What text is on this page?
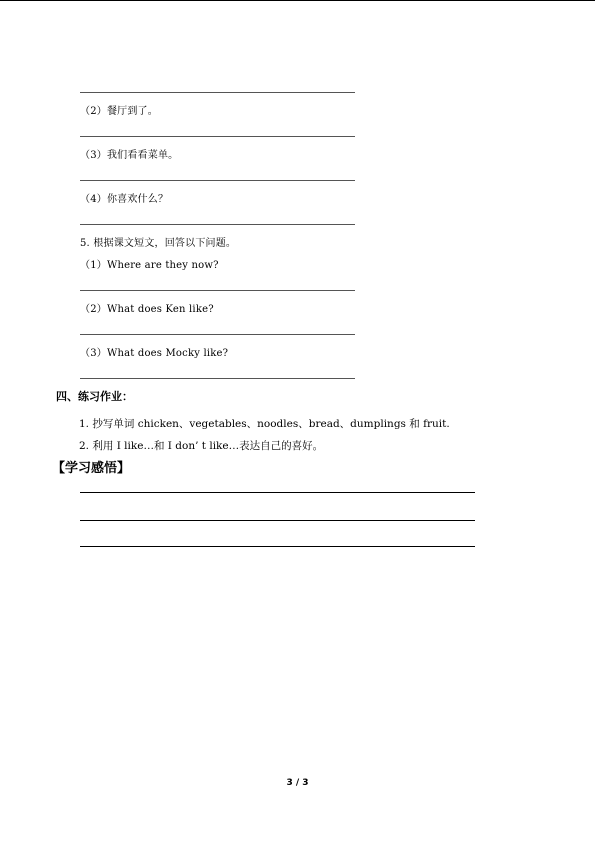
（2）餐厅到了。
（3）我们看看菜单。
（4）你喜欢什么？
5. 根据课文短文，回答以下问题。
（1）Where are they now?
（2）What does Ken like?
（3）What does Mocky like?
四、练习作业：
1. 抄写单词 chicken、vegetables、noodles、bread、dumplings 和 fruit.
2. 利用 I like…和 I don’ t like…表达自己的喜好。
【学习感悟】
3 / 3
